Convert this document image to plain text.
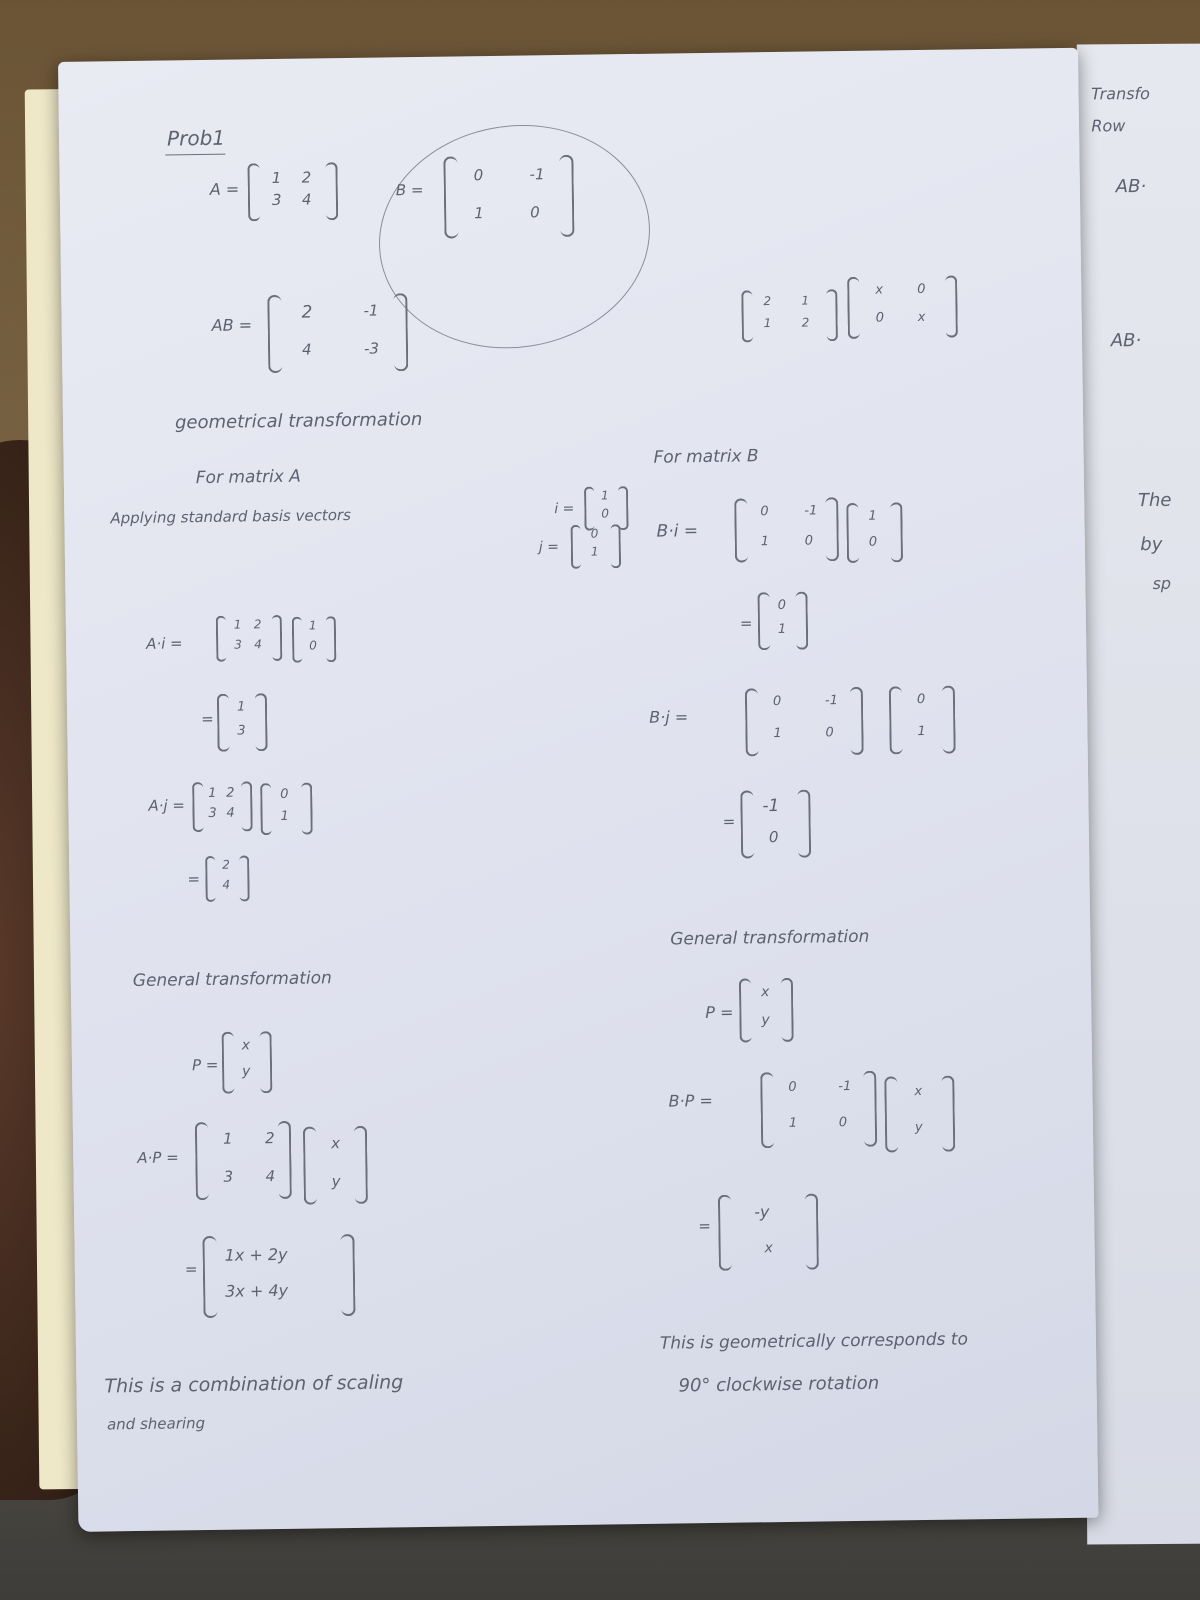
Transfo
Row
AB·
AB·
The
by
sp
Prob1
A =
1 2
3 4
B =
0	-1
1	0
AB =
2	-1
4	-3
2	1
1	2
x	0
0	x
geometrical transformation
For matrix A
Applying standard basis vectors	i =
1
0
j =
0
1
A·i =
1 2
3 4
1
0
=
1
3
A·j =
1 2
3 4
0
1
=
2
4
General transformation
P =
x
y
A·P =
1 2
3 4
x
y
=
1x + 2y
3x + 4y
This is a combination of scaling
and shearing
For matrix B
B·i =
0	-1
1	0
1
0
=
0
1
B·j =
0	-1
1	0
0
1
=
-1
0
General transformation
P =
x
y
B·P =
0	-1
1	0
x
y
=
-y
x
This is geometrically corresponds to
90° clockwise rotation
